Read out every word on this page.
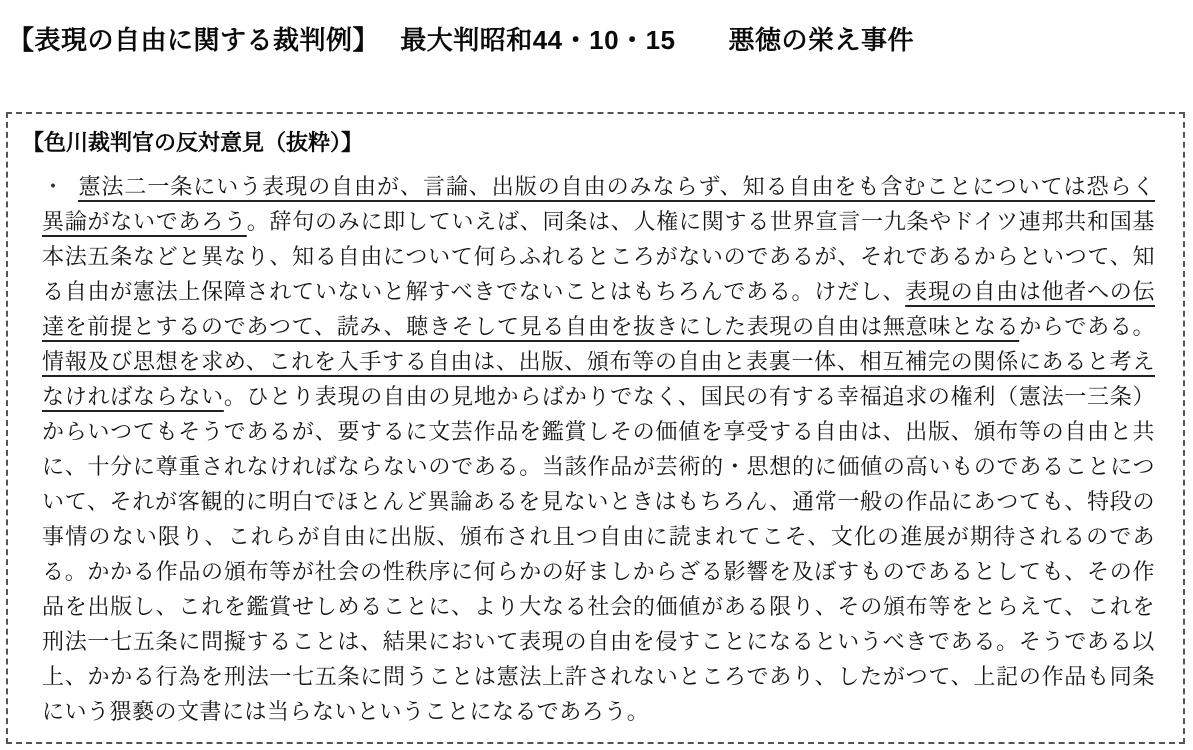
【表現の自由に関する裁判例】　 最大判昭和44・10・15　　悪徳の栄え事件
【色川裁判官の反対意見（抜粋）】

・ 憲法二一条にいう表現の自由が、言論、出版の自由のみならず、知る自由をも含むことについては恐らく異論がないであろう。辞句のみに即していえば、同条は、人権に関する世界宣言一九条やドイツ連邦共和国基本法五条などと異なり、知る自由について何らふれるところがないのであるが、それであるからといつて、知る自由が憲法上保障されていないと解すべきでないことはもちろんである。けだし、表現の自由は他者への伝達を前提とするのであつて、読み、聴きそして見る自由を抜きにした表現の自由は無意味となるからである。情報及び思想を求め、これを入手する自由は、出版、頒布等の自由と表裏一体、相互補完の関係にあると考えなければならない。ひとり表現の自由の見地からばかりでなく、国民の有する幸福追求の権利（憲法一三条）からいつてもそうであるが、要するに文芸作品を鑑賞しその価値を享受する自由は、出版、頒布等の自由と共に、十分に尊重されなければならないのである。当該作品が芸術的・思想的に価値の高いものであることについて、それが客観的に明白でほとんど異論あるを見ないときはもちろん、通常一般の作品にあつても、特段の事情のない限り、これらが自由に出版、頒布され且つ自由に読まれてこそ、文化の進展が期待されるのである。かかる作品の頒布等が社会の性秩序に何らかの好ましからざる影響を及ぼすものであるとしても、その作品を出版し、これを鑑賞せしめることに、より大なる社会的価値がある限り、その頒布等をとらえて、これを刑法一七五条に問擬することは、結果において表現の自由を侵すことになるというべきである。そうである以上、かかる行為を刑法一七五条に問うことは憲法上許されないところであり、したがつて、上記の作品も同条にいう猥褻の文書には当らないということになるであろう。
